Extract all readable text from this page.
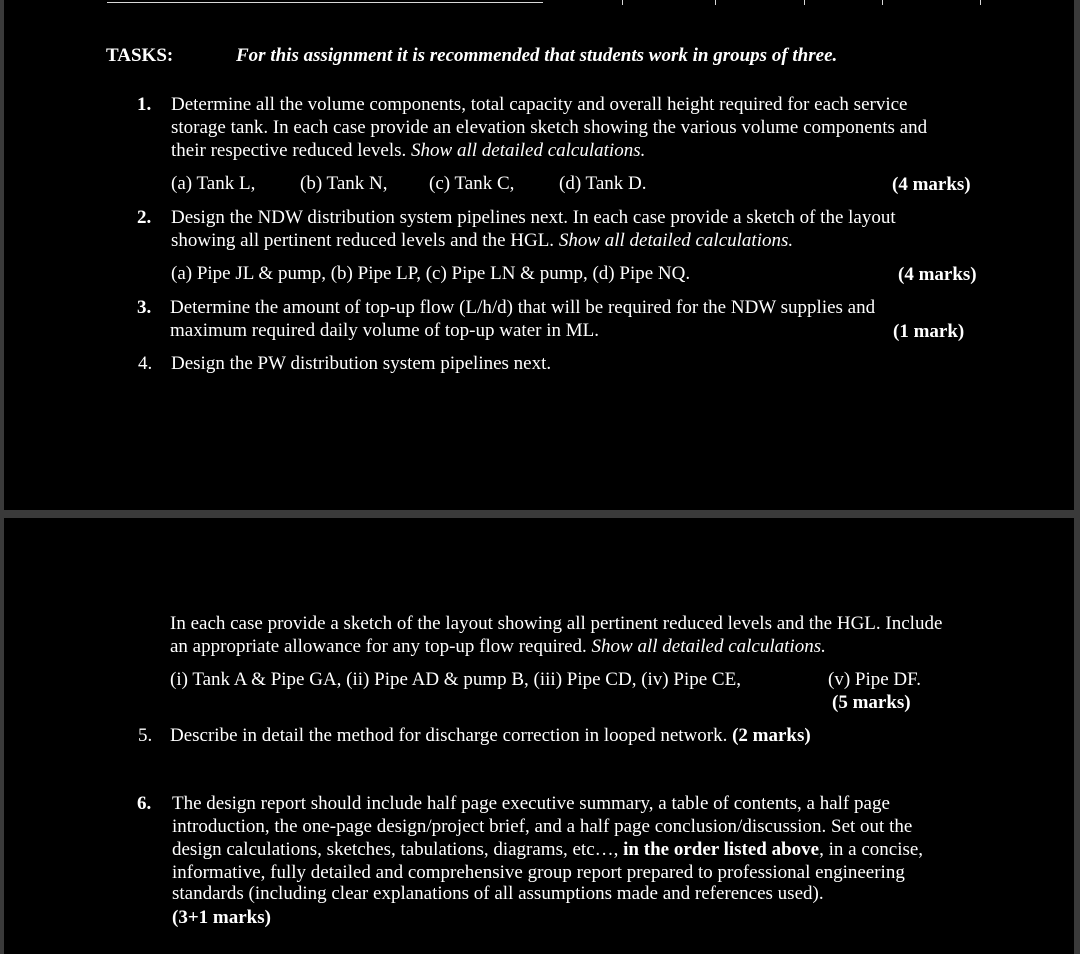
TASKS:	For this assignment it is recommended that students work in groups of three.
1. Determine all the volume components, total capacity and overall height required for each service
storage tank. In each case provide an elevation sketch showing the various volume components and
their respective reduced levels. Show all detailed calculations.
(a) Tank L, (b) Tank N, (c) Tank C, (d) Tank D.	(4 marks)
2. Design the NDW distribution system pipelines next. In each case provide a sketch of the layout
showing all pertinent reduced levels and the HGL. Show all detailed calculations.
(a) Pipe JL & pump, (b) Pipe LP, (c) Pipe LN & pump, (d) Pipe NQ.	(4 marks)
3. Determine the amount of top-up flow (L/h/d) that will be required for the NDW supplies and
maximum required daily volume of top-up water in ML.	(1 mark)
4. Design the PW distribution system pipelines next.
In each case provide a sketch of the layout showing all pertinent reduced levels and the HGL. Include
an appropriate allowance for any top-up flow required. Show all detailed calculations.
(i) Tank A & Pipe GA, (ii) Pipe AD & pump B, (iii) Pipe CD, (iv) Pipe CE,	(v) Pipe DF.
(5 marks)
5. Describe in detail the method for discharge correction in looped network. (2 marks)
6. The design report should include half page executive summary, a table of contents, a half page
introduction, the one-page design/project brief, and a half page conclusion/discussion. Set out the
design calculations, sketches, tabulations, diagrams, etc…, in the order listed above, in a concise,
informative, fully detailed and comprehensive group report prepared to professional engineering
standards (including clear explanations of all assumptions made and references used).
(3+1 marks)
